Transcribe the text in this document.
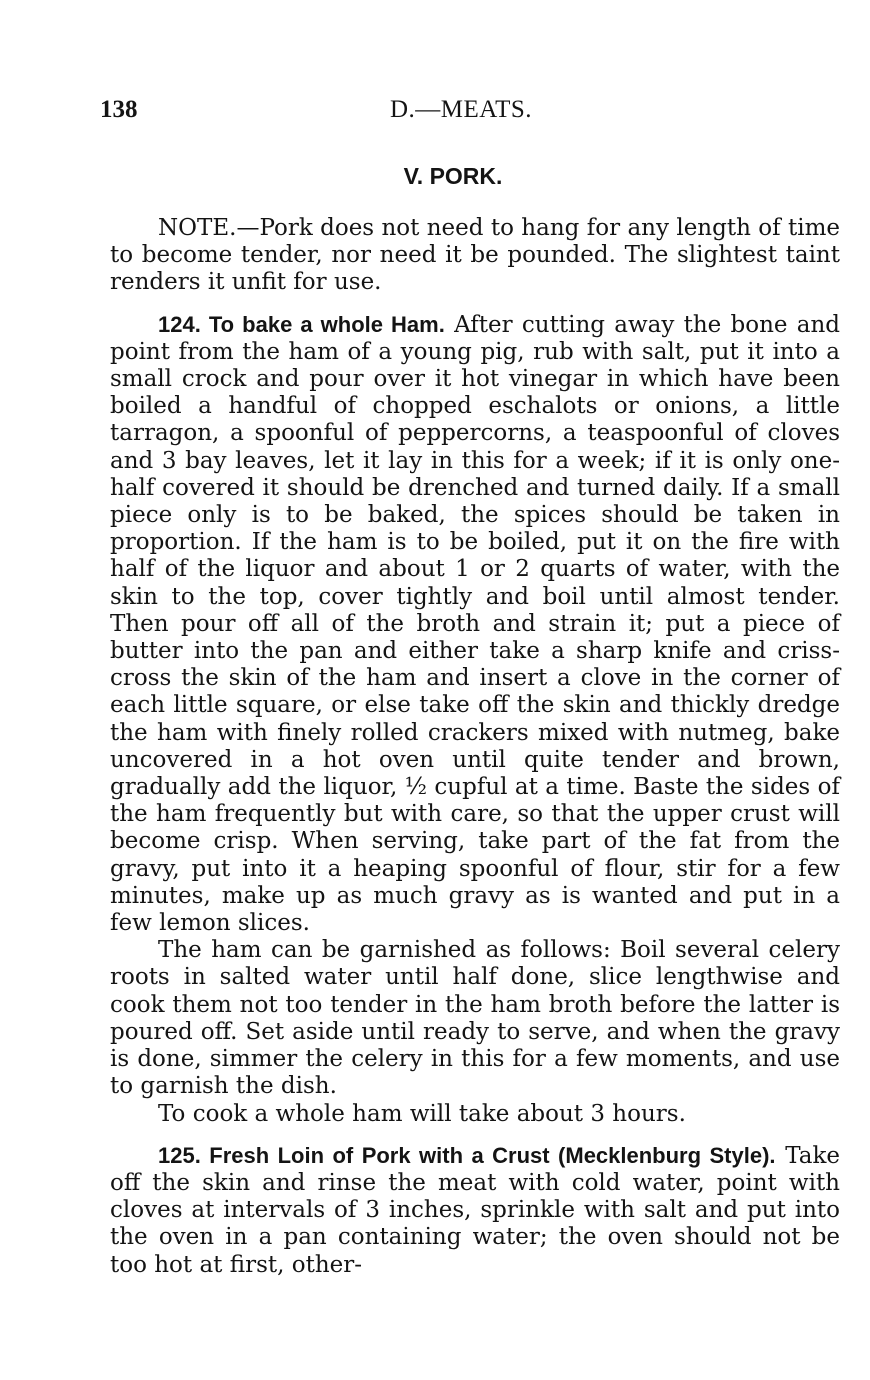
138	D.—MEATS.
V. PORK.

NOTE.—Pork does not need to hang for any length of time to become tender, nor need it be pounded. The slightest taint renders it unfit for use.

124. To bake a whole Ham. After cutting away the bone and point from the ham of a young pig, rub with salt, put it into a small crock and pour over it hot vinegar in which have been boiled a handful of chopped eschalots or onions, a little tarragon, a spoonful of peppercorns, a teaspoonful of cloves and 3 bay leaves, let it lay in this for a week; if it is only one-half covered it should be drenched and turned daily. If a small piece only is to be baked, the spices should be taken in proportion. If the ham is to be boiled, put it on the fire with half of the liquor and about 1 or 2 quarts of water, with the skin to the top, cover tightly and boil until almost tender. Then pour off all of the broth and strain it; put a piece of butter into the pan and either take a sharp knife and criss-cross the skin of the ham and insert a clove in the corner of each little square, or else take off the skin and thickly dredge the ham with finely rolled crackers mixed with nutmeg, bake uncovered in a hot oven until quite tender and brown, gradually add the liquor, ½ cupful at a time. Baste the sides of the ham frequently but with care, so that the upper crust will become crisp. When serving, take part of the fat from the gravy, put into it a heaping spoonful of flour, stir for a few minutes, make up as much gravy as is wanted and put in a few lemon slices.

The ham can be garnished as follows: Boil several celery roots in salted water until half done, slice lengthwise and cook them not too tender in the ham broth before the latter is poured off. Set aside until ready to serve, and when the gravy is done, simmer the celery in this for a few moments, and use to garnish the dish.

To cook a whole ham will take about 3 hours.

125. Fresh Loin of Pork with a Crust (Mecklenburg Style). Take off the skin and rinse the meat with cold water, point with cloves at intervals of 3 inches, sprinkle with salt and put into the oven in a pan containing water; the oven should not be too hot at first, other-
